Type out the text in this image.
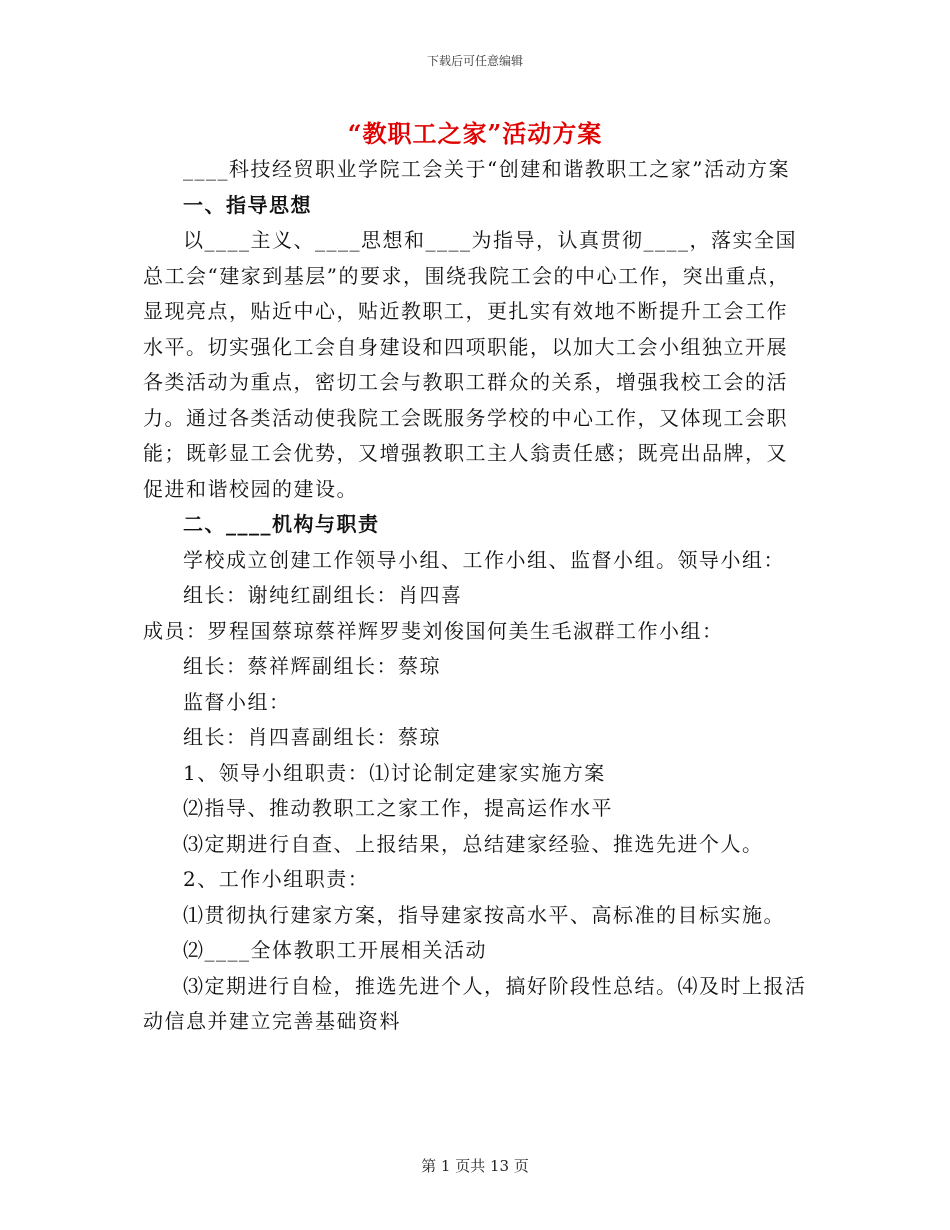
下载后可任意编辑
“教职工之家”活动方案

____科技经贸职业学院工会关于“创建和谐教职工之家”活动方案

一、指导思想

以____主义、____思想和____为指导，认真贯彻____，落实全国总工会“建家到基层”的要求，围绕我院工会的中心工作，突出重点，显现亮点，贴近中心，贴近教职工，更扎实有效地不断提升工会工作水平。切实强化工会自身建设和四项职能，以加大工会小组独立开展各类活动为重点，密切工会与教职工群众的关系，增强我校工会的活力。通过各类活动使我院工会既服务学校的中心工作，又体现工会职能；既彰显工会优势，又增强教职工主人翁责任感；既亮出品牌，又促进和谐校园的建设。

二、____机构与职责

学校成立创建工作领导小组、工作小组、监督小组。领导小组：

组长：谢纯红副组长：肖四喜

成员：罗程国蔡琼蔡祥辉罗斐刘俊国何美生毛淑群工作小组：

组长：蔡祥辉副组长：蔡琼

监督小组：

组长：肖四喜副组长：蔡琼

1、领导小组职责：⑴讨论制定建家实施方案

⑵指导、推动教职工之家工作，提高运作水平

⑶定期进行自查、上报结果，总结建家经验、推选先进个人。

2、工作小组职责：

⑴贯彻执行建家方案，指导建家按高水平、高标准的目标实施。

⑵____全体教职工开展相关活动

⑶定期进行自检，推选先进个人，搞好阶段性总结。⑷及时上报活动信息并建立完善基础资料

第 1 页共 13 页
